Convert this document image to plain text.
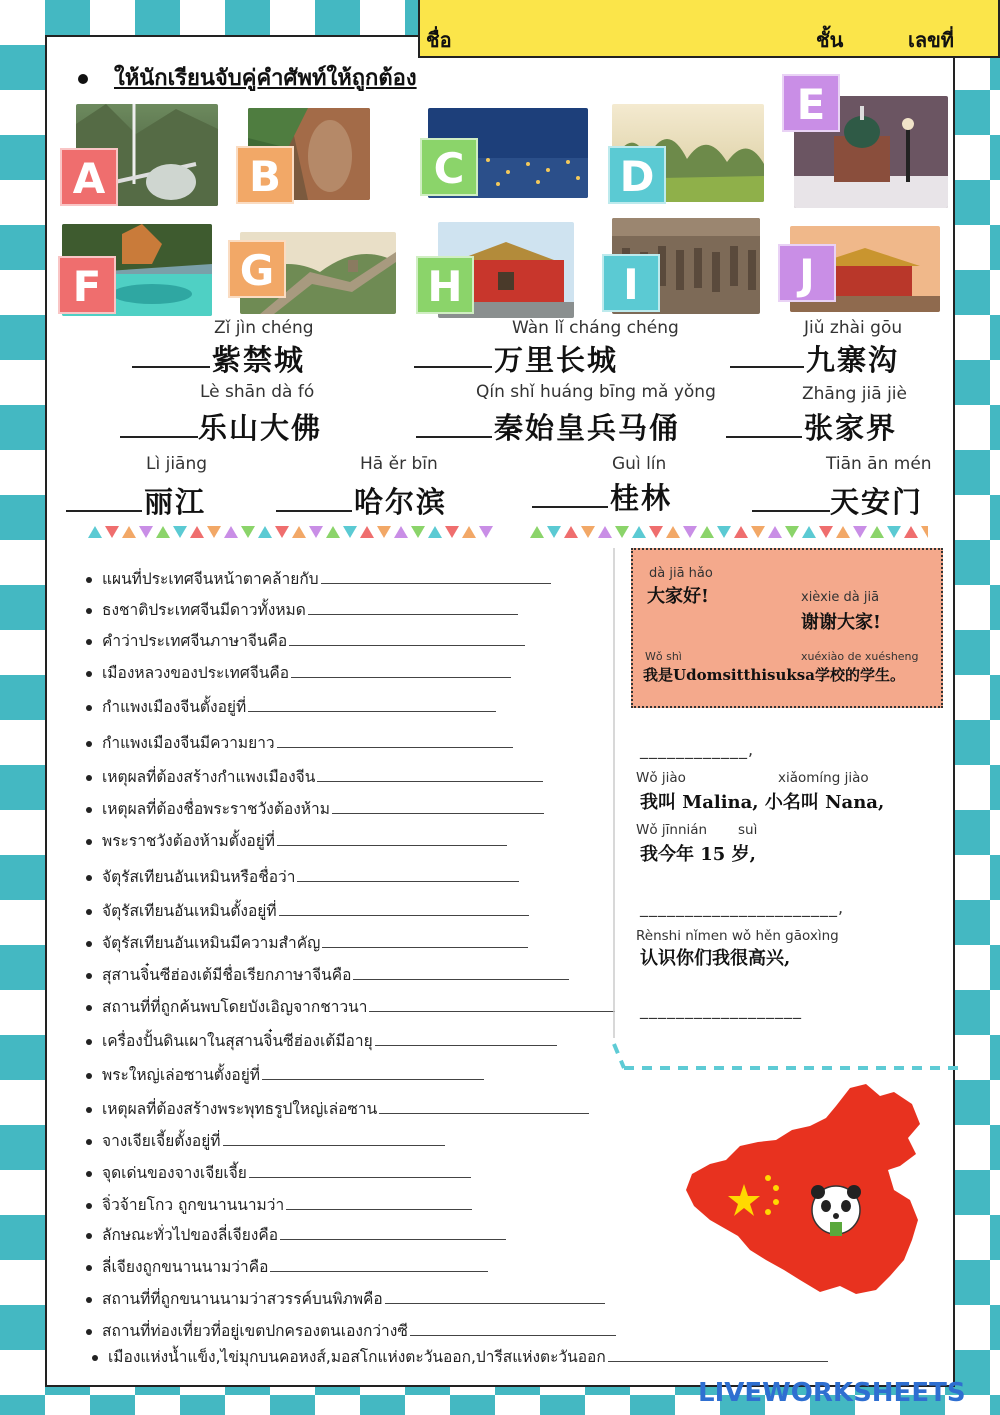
ชื่อ	ชั้น	เลขที่
ให้นักเรียนจับคู่คำศัพท์ให้ถูกต้อง
A	B	C	D
E
F	G	H	I	J
Zǐ jìn chéng
紫禁城
Wàn lǐ cháng chéng
万里长城
Jiǔ zhài gōu
九寨沟
Lè shān dà fó
乐山大佛
Qín shǐ huáng bīng mǎ yǒng
秦始皇兵马俑
Zhāng jiā jiè
张家界
Lì jiāng
丽江
Hā ěr bīn
哈尔滨
Guì lín
桂林
Tiān ān mén
天安门
แผนที่ประเทศจีนหน้าตาคล้ายกับ
ธงชาติประเทศจีนมีดาวทั้งหมด
คำว่าประเทศจีนภาษาจีนคือ
เมืองหลวงของประเทศจีนคือ
กำแพงเมืองจีนตั้งอยู่ที่
กำแพงเมืองจีนมีความยาว
เหตุผลที่ต้องสร้างกำแพงเมืองจีน
เหตุผลที่ต้องชื่อพระราชวังต้องห้าม
พระราชวังต้องห้ามตั้งอยู่ที่
จัตุรัสเทียนอันเหมินหรือชื่อว่า
จัตุรัสเทียนอันเหมินตั้งอยู่ที่
จัตุรัสเทียนอันเหมินมีความสำคัญ
สุสานจิ๋นซีฮ่องเต้มีชื่อเรียกภาษาจีนคือ
สถานที่ที่ถูกค้นพบโดยบังเอิญจากชาวนา
เครื่องปั้นดินเผาในสุสานจิ๋นซีฮ่องเต้มีอายุ
พระใหญ่เล่อซานตั้งอยู่ที่
เหตุผลที่ต้องสร้างพระพุทธรูปใหญ่เล่อซาน
จางเจียเจี้ยตั้งอยู่ที่
จุดเด่นของจางเจียเจี้ย
จิ่วจ้ายโกว ถูกขนานนามว่า
ลักษณะทั่วไปของลี่เจียงคือ
ลี่เจียงถูกขนานนามว่าคือ
สถานที่ที่ถูกขนานนามว่าสวรรค์บนพิภพคือ
สถานที่ท่องเที่ยวที่อยู่เขตปกครองตนเองกว่างซี
เมืองแห่งน้ำแข็ง,ไข่มุกบนคอหงส์,มอสโกแห่งตะวันออก,ปารีสแห่งตะวันออก
dà jiā hǎo
大家好!	xièxie dà jiā
谢谢大家!
Wǒ shì	xuéxiào de xuésheng
我是Udomsitthisuksa学校的学生。
____________,
Wǒ jiào	xiǎomíng jiào
我叫 Malina, 小名叫 Nana,
Wǒ jīnnián suì
我今年 15 岁,
______________________,
Rènshi nǐmen wǒ hěn gāoxìng
认识你们我很高兴,
__________________
LIVEWORKSHEETS
